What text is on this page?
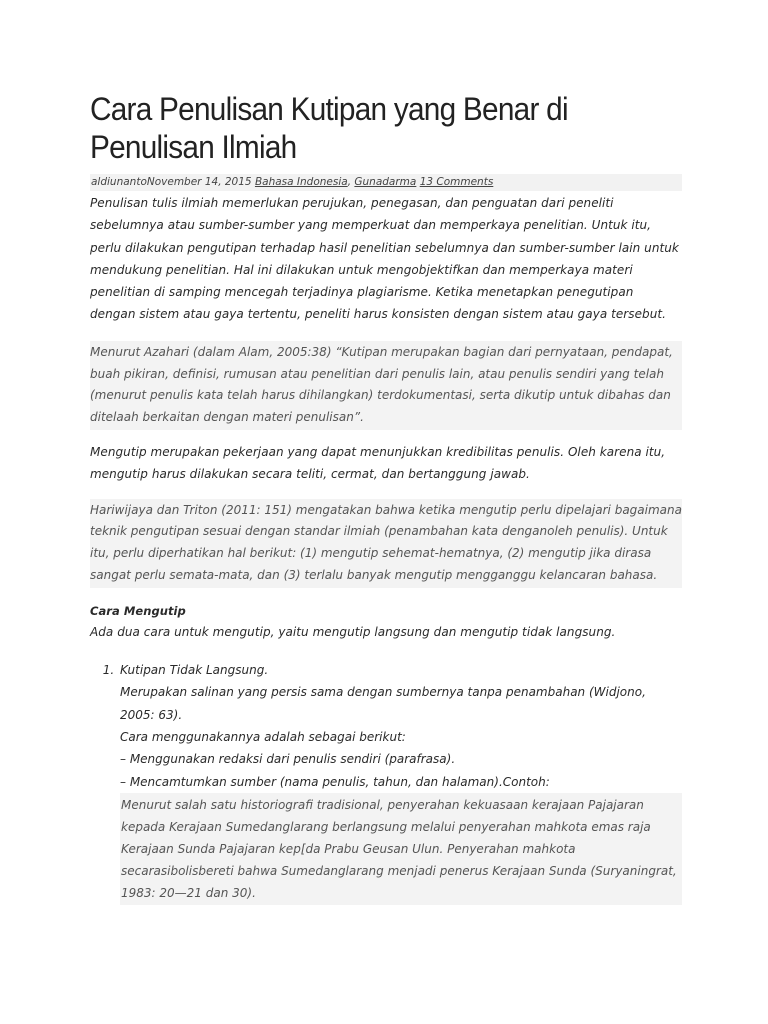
Cara Penulisan Kutipan yang Benar di Penulisan Ilmiah
aldiunantoNovember 14, 2015 Bahasa Indonesia, Gunadarma 13 Comments

Penulisan tulis ilmiah memerlukan perujukan, penegasan, dan penguatan dari peneliti sebelumnya atau sumber-sumber yang memperkuat dan memperkaya penelitian. Untuk itu, perlu dilakukan pengutipan terhadap hasil penelitian sebelumnya dan sumber-sumber lain untuk mendukung penelitian. Hal ini dilakukan untuk mengobjektifkan dan memperkaya materi penelitian di samping mencegah terjadinya plagiarisme. Ketika menetapkan penegutipan dengan sistem atau gaya tertentu, peneliti harus konsisten dengan sistem atau gaya tersebut.

Menurut Azahari (dalam Alam, 2005:38) “Kutipan merupakan bagian dari pernyataan, pendapat, buah pikiran, definisi, rumusan atau penelitian dari penulis lain, atau penulis sendiri yang telah (menurut penulis kata telah harus dihilangkan) terdokumentasi, serta dikutip untuk dibahas dan ditelaah berkaitan dengan materi penulisan”.

Mengutip merupakan pekerjaan yang dapat menunjukkan kredibilitas penulis. Oleh karena itu, mengutip harus dilakukan secara teliti, cermat, dan bertanggung jawab.

Hariwijaya dan Triton (2011: 151) mengatakan bahwa ketika mengutip perlu dipelajari bagaimana teknik pengutipan sesuai dengan standar ilmiah (penambahan kata denganoleh penulis). Untuk itu, perlu diperhatikan hal berikut: (1) mengutip sehemat-hematnya, (2) mengutip jika dirasa sangat perlu semata-mata, dan (3) terlalu banyak mengutip mengganggu kelancaran bahasa.
Cara Mengutip

Ada dua cara untuk mengutip, yaitu mengutip langsung dan mengutip tidak langsung.

1. Kutipan Tidak Langsung.
Merupakan salinan yang persis sama dengan sumbernya tanpa penambahan (Widjono, 2005: 63).
Cara menggunakannya adalah sebagai berikut:
– Menggunakan redaksi dari penulis sendiri (parafrasa).
– Mencamtumkan sumber (nama penulis, tahun, dan halaman).Contoh:
Menurut salah satu historiografi tradisional, penyerahan kekuasaan kerajaan Pajajaran kepada Kerajaan Sumedanglarang berlangsung melalui penyerahan mahkota emas raja Kerajaan Sunda Pajajaran kep[da Prabu Geusan Ulun. Penyerahan mahkota secarasibolisbereti bahwa Sumedanglarang menjadi penerus Kerajaan Sunda (Suryaningrat, 1983: 20—21 dan 30).
